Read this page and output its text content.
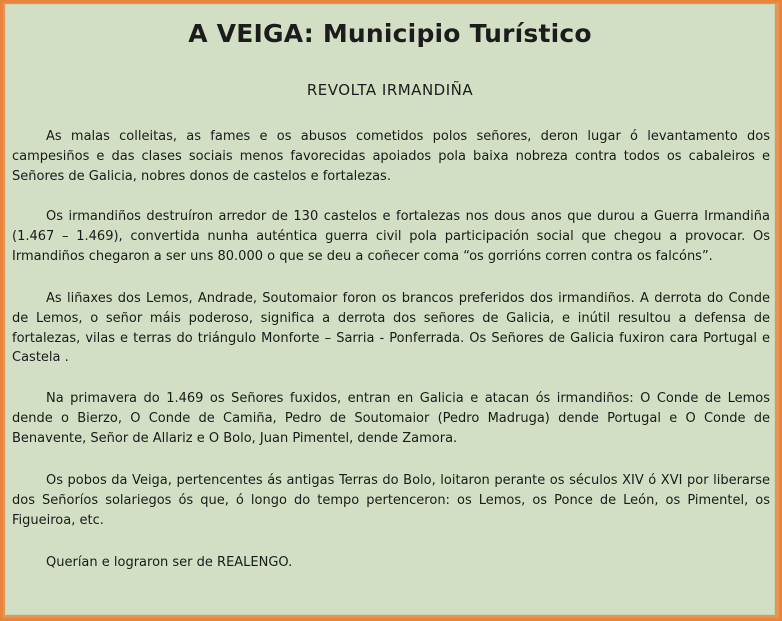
A VEIGA: Municipio Turístico
REVOLTA IRMANDIÑA

As malas colleitas, as fames e os abusos cometidos polos señores, deron lugar ó levantamento dos campesiños e das clases sociais menos favorecidas apoiados pola baixa nobreza contra todos os cabaleiros e Señores de Galicia, nobres donos de castelos e fortalezas.

Os irmandiños destruíron arredor de 130 castelos e fortalezas nos dous anos que durou a Guerra Irmandiña (1.467 – 1.469), convertida nunha auténtica guerra civil pola participación social que chegou a provocar. Os Irmandiños chegaron a ser uns 80.000 o que se deu a coñecer coma “os gorrións corren contra os falcóns”.

As liñaxes dos Lemos, Andrade, Soutomaior foron os brancos preferidos dos irmandiños. A derrota do Conde de Lemos, o señor máis poderoso, significa a derrota dos señores de Galicia, e inútil resultou a defensa de fortalezas, vilas e terras do triángulo Monforte – Sarria - Ponferrada. Os Señores de Galicia fuxiron cara Portugal e Castela .

Na primavera do 1.469 os Señores fuxidos, entran en Galicia e atacan ós irmandiños: O Conde de Lemos dende o Bierzo, O Conde de Camiña, Pedro de Soutomaior (Pedro Madruga) dende Portugal e O Conde de Benavente, Señor de Allariz e O Bolo, Juan Pimentel, dende Zamora.

Os pobos da Veiga, pertencentes ás antigas Terras do Bolo, loitaron perante os séculos XIV ó XVI por liberarse dos Señoríos solariegos ós que, ó longo do tempo pertenceron: os Lemos, os Ponce de León, os Pimentel, os Figueiroa, etc.

Querían e lograron ser de REALENGO.
